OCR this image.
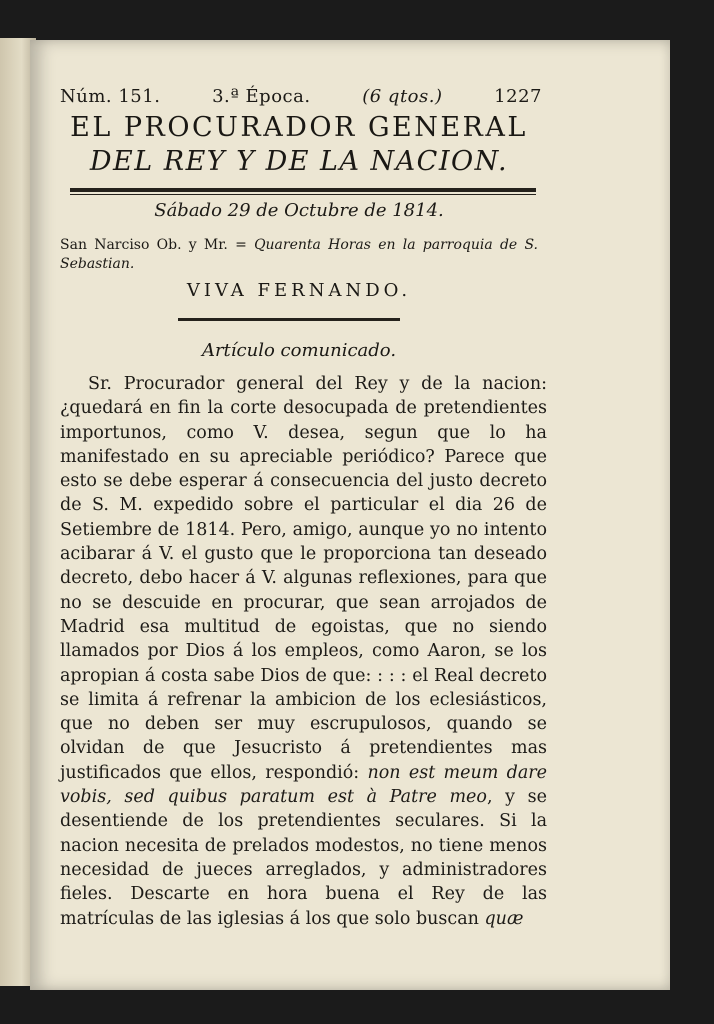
Núm. 151.	3.ª Época.	(6 qtos.)	1227
EL PROCURADOR GENERAL
DEL REY Y DE LA NACION.
Sábado 29 de Octubre de 1814.
San Narciso Ob. y Mr. = Quarenta Horas en la parroquia de S. Sebastian.
VIVA FERNANDO.
Artículo comunicado.

Sr. Procurador general del Rey y de la nacion: ¿quedará en fin la corte desocupada de pretendientes importunos, como V. desea, segun que lo ha manifestado en su apreciable periódico? Parece que esto se debe esperar á consecuencia del justo decreto de S. M. expedido sobre el particular el dia 26 de Setiembre de 1814. Pero, amigo, aunque yo no intento acibarar á V. el gusto que le proporciona tan deseado decreto, debo hacer á V. algunas reflexiones, para que no se descuide en procurar, que sean arrojados de Madrid esa multitud de egoistas, que no siendo llamados por Dios á los empleos, como Aaron, se los apropian á costa sabe Dios de que: : : : el Real decreto se limita á refrenar la ambicion de los eclesiásticos, que no deben ser muy escrupulosos, quando se olvidan de que Jesucristo á pretendientes mas justificados que ellos, respondió: non est meum dare vobis, sed quibus paratum est à Patre meo, y se desentiende de los pretendientes seculares. Si la nacion necesita de prelados modestos, no tiene menos necesidad de jueces arreglados, y administradores fieles. Descarte en hora buena el Rey de las matrículas de las iglesias á los que solo buscan quæ
